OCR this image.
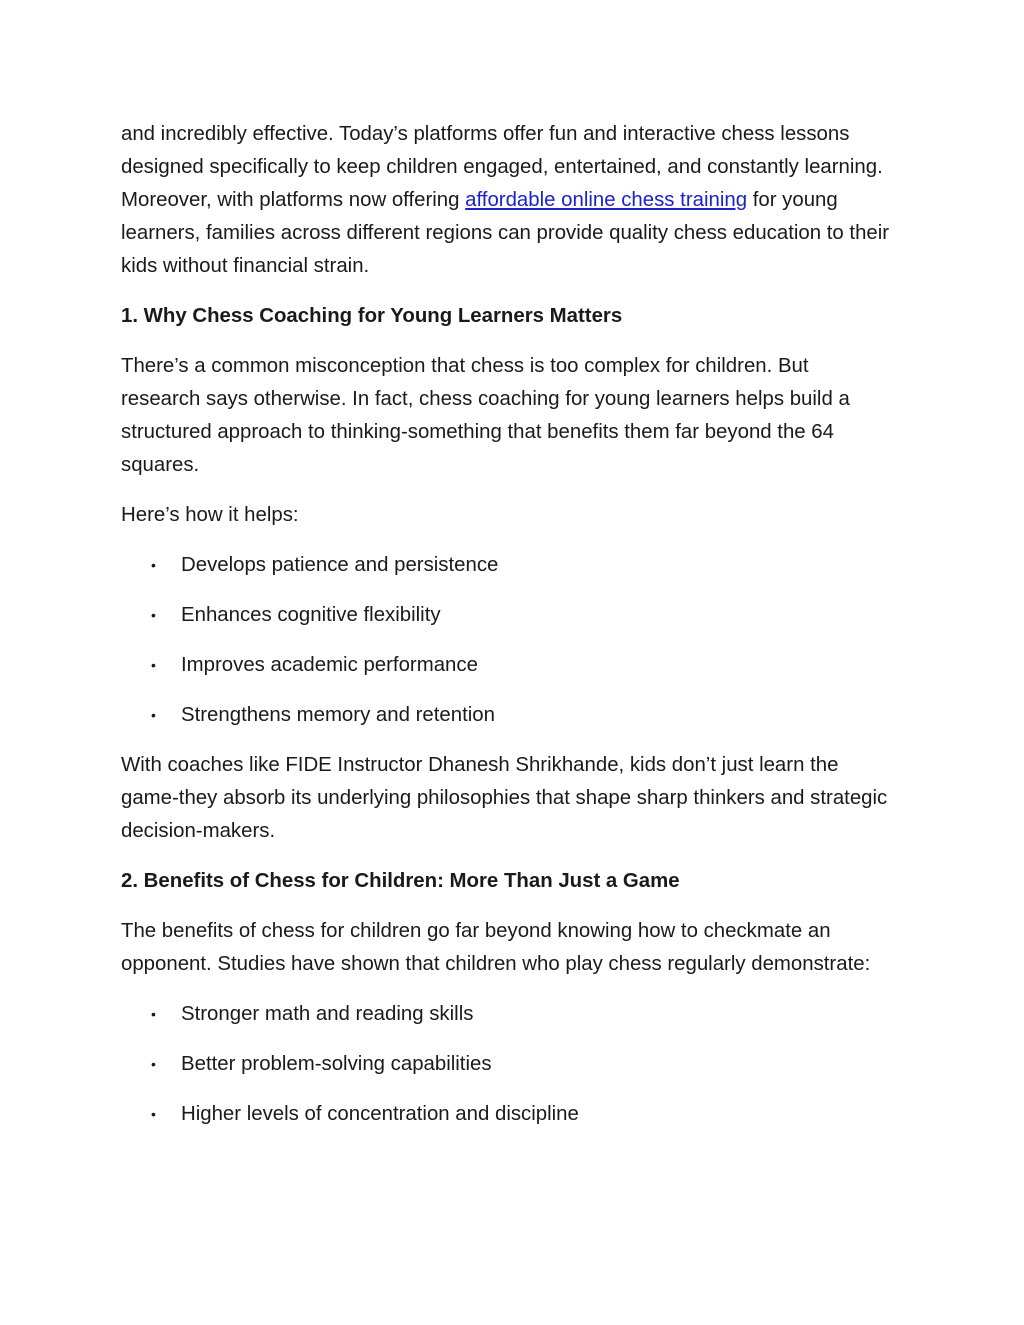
and incredibly effective. Today’s platforms offer fun and interactive chess lessons designed specifically to keep children engaged, entertained, and constantly learning. Moreover, with platforms now offering affordable online chess training for young learners, families across different regions can provide quality chess education to their kids without financial strain.

1. Why Chess Coaching for Young Learners Matters

There’s a common misconception that chess is too complex for children. But research says otherwise. In fact, chess coaching for young learners helps build a structured approach to thinking-something that benefits them far beyond the 64 squares.

Here’s how it helps:

• Develops patience and persistence
• Enhances cognitive flexibility
• Improves academic performance
• Strengthens memory and retention

With coaches like FIDE Instructor Dhanesh Shrikhande, kids don’t just learn the game-they absorb its underlying philosophies that shape sharp thinkers and strategic decision-makers.

2. Benefits of Chess for Children: More Than Just a Game

The benefits of chess for children go far beyond knowing how to checkmate an opponent. Studies have shown that children who play chess regularly demonstrate:

• Stronger math and reading skills
• Better problem-solving capabilities
• Higher levels of concentration and discipline
